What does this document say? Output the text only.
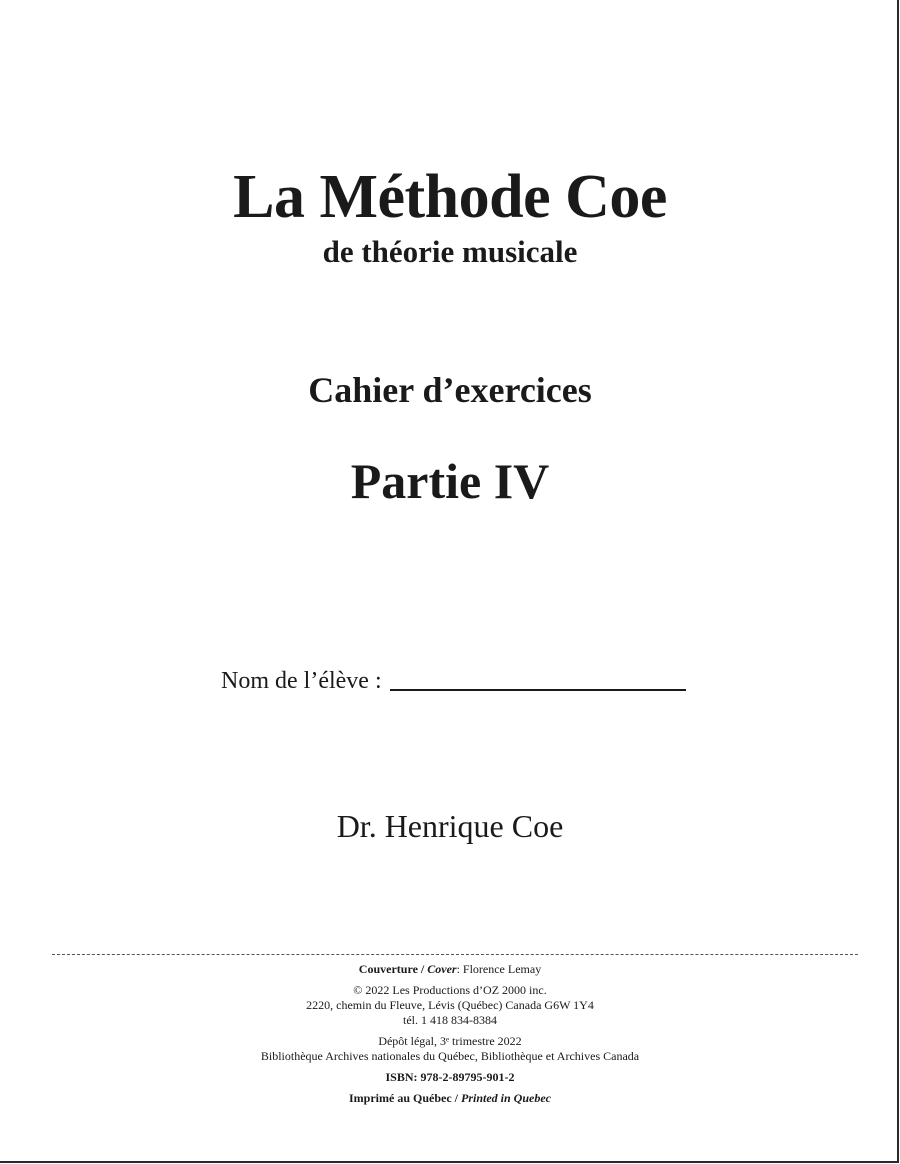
La Méthode Coe
de théorie musicale
Cahier d’exercices
Partie IV
Nom de l’élève :
Dr. Henrique Coe
Couverture / Cover: Florence Lemay
© 2022 Les Productions d’OZ 2000 inc.
2220, chemin du Fleuve, Lévis (Québec) Canada G6W 1Y4
tél. 1 418 834-8384
Dépôt légal, 3ᵉ trimestre 2022
Bibliothèque Archives nationales du Québec, Bibliothèque et Archives Canada
ISBN: 978-2-89795-901-2
Imprimé au Québec / Printed in Quebec
